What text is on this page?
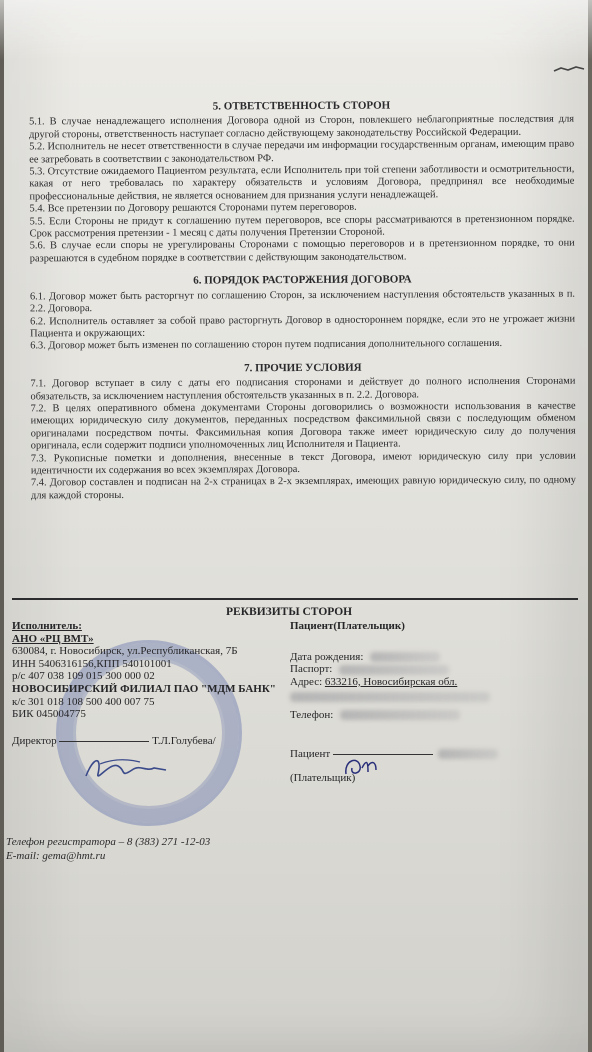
5. ОТВЕТСТВЕННОСТЬ СТОРОН

5.1. В случае ненадлежащего исполнения Договора одной из Сторон, повлекшего неблагоприятные последствия для другой стороны, ответственность наступает согласно действующему законодательству Российской Федерации.

5.2. Исполнитель не несет ответственности в случае передачи им информации государственным органам, имеющим право ее затребовать в соответствии с законодательством РФ.

5.3. Отсутствие ожидаемого Пациентом результата, если Исполнитель при той степени заботливости и осмотрительности, какая от него требовалась по характеру обязательств и условиям Договора, предпринял все необходимые профессиональные действия, не является основанием для признания услуги ненадлежащей.

5.4. Все претензии по Договору решаются Сторонами путем переговоров.

5.5. Если Стороны не придут к соглашению путем переговоров, все споры рассматриваются в претензионном порядке. Срок рассмотрения претензии - 1 месяц с даты получения Претензии Стороной.

5.6. В случае если споры не урегулированы Сторонами с помощью переговоров и в претензионном порядке, то они разрешаются в судебном порядке в соответствии с действующим законодательством.

6. ПОРЯДОК РАСТОРЖЕНИЯ ДОГОВОРА

6.1. Договор может быть расторгнут по соглашению Сторон, за исключением наступления обстоятельств указанных в п. 2.2. Договора.

6.2. Исполнитель оставляет за собой право расторгнуть Договор в одностороннем порядке, если это не угрожает жизни Пациента и окружающих:

6.3. Договор может быть изменен по соглашению сторон путем подписания дополнительного соглашения.

7. ПРОЧИЕ УСЛОВИЯ

7.1. Договор вступает в силу с даты его подписания сторонами и действует до полного исполнения Сторонами обязательств, за исключением наступления обстоятельств указанных в п. 2.2. Договора.

7.2. В целях оперативного обмена документами Стороны договорились о возможности использования в качестве имеющих юридическую силу документов, переданных посредством факсимильной связи с последующим обменом оригиналами посредством почты. Факсимильная копия Договора также имеет юридическую силу до получения оригинала, если содержит подписи уполномоченных лиц Исполнителя и Пациента.

7.3. Рукописные пометки и дополнения, внесенные в текст Договора, имеют юридическую силу при условии идентичности их содержания во всех экземплярах Договора.

7.4. Договор составлен и подписан на 2-х страницах в 2-х экземплярах, имеющих равную юридическую силу, по одному для каждой стороны.

РЕКВИЗИТЫ СТОРОН
Исполнитель:
АНО «РЦ ВМТ»
630084, г. Новосибирск, ул.Республиканская, 7Б
ИНН 5406316156,КПП 540101001
р/с 407 038 109 015 300 000 02
НОВОСИБИРСКИЙ ФИЛИАЛ ПАО "МДМ БАНК"
к/с 301 018 108 500 400 007 75
БИК 045004775
Директор	Т.Л.Голубева/
Пациент(Плательщик)
Дата рождения:
Паспорт:
Адрес: 633216, Новосибирская обл.
Телефон:
Пациент
(Плательщик)
Телефон регистратора – 8 (383) 271 -12-03
E-mail: gema@hmt.ru
